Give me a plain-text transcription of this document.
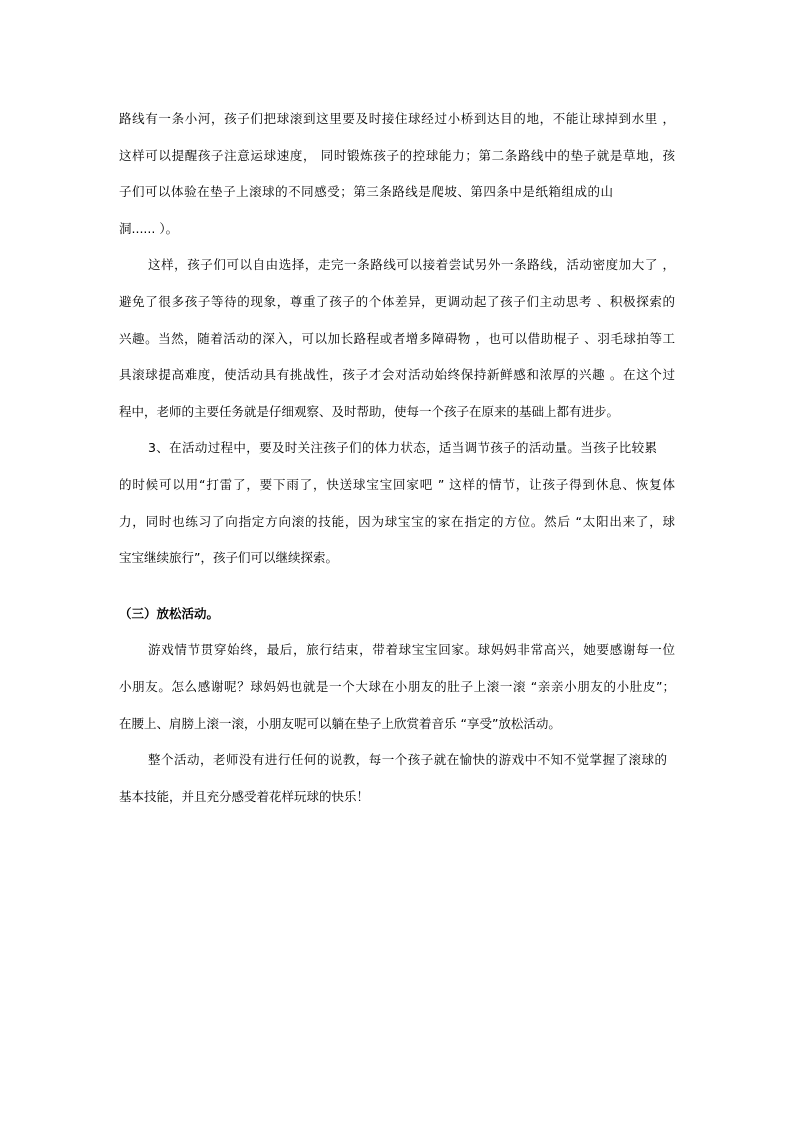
路线有一条小河，孩子们把球滚到这里要及时接住球经过小桥到达目的地，不能让球掉到水里 ，
这样可以提醒孩子注意运球速度， 同时锻炼孩子的控球能力；第二条路线中的垫子就是草地，孩
子们可以体验在垫子上滚球的不同感受；第三条路线是爬坡、第四条中是纸箱组成的山
洞...... ）。
这样，孩子们可以自由选择，走完一条路线可以接着尝试另外一条路线，活动密度加大了 ，
避免了很多孩子等待的现象，尊重了孩子的个体差异，更调动起了孩子们主动思考 、积极探索的
兴趣。当然，随着活动的深入，可以加长路程或者增多障碍物 ，也可以借助棍子 、羽毛球拍等工
具滚球提高难度，使活动具有挑战性，孩子才会对活动始终保持新鲜感和浓厚的兴趣 。在这个过
程中，老师的主要任务就是仔细观察、及时帮助，使每一个孩子在原来的基础上都有进步。
3、在活动过程中，要及时关注孩子们的体力状态，适当调节孩子的活动量。当孩子比较累
的时候可以用“打雷了，要下雨了，快送球宝宝回家吧 ” 这样的情节，让孩子得到休息、恢复体
力，同时也练习了向指定方向滚的技能，因为球宝宝的家在指定的方位。然后 “太阳出来了，球
宝宝继续旅行”，孩子们可以继续探索。
（三）放松活动。
游戏情节贯穿始终，最后，旅行结束，带着球宝宝回家。球妈妈非常高兴，她要感谢每一位
小朋友。怎么感谢呢？球妈妈也就是一个大球在小朋友的肚子上滚一滚 “亲亲小朋友的小肚皮”；
在腰上、肩膀上滚一滚，小朋友呢可以躺在垫子上欣赏着音乐 “享受”放松活动。
整个活动，老师没有进行任何的说教，每一个孩子就在愉快的游戏中不知不觉掌握了滚球的
基本技能，并且充分感受着花样玩球的快乐！
